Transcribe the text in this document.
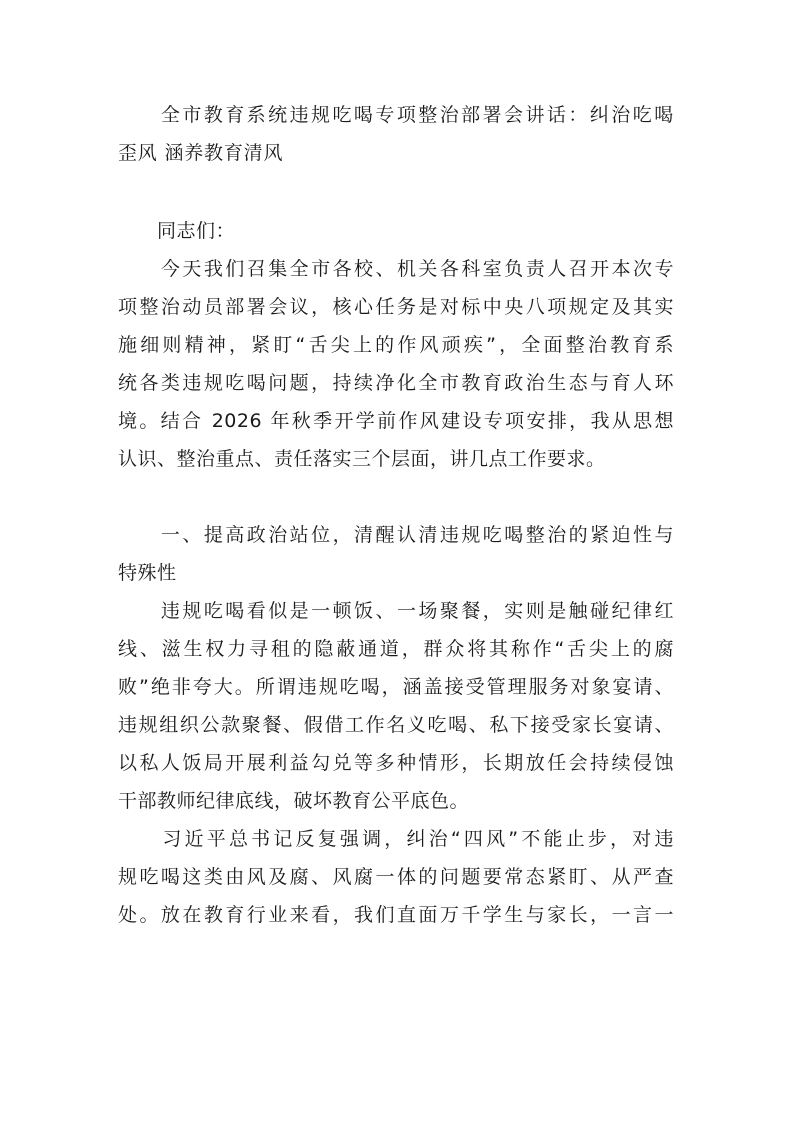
　　全市教育系统违规吃喝专项整治部署会讲话：纠治吃喝
歪风 涵养教育清风
　　同志们：
　　今天我们召集全市各校、机关各科室负责人召开本次专
项整治动员部署会议，核心任务是对标中央八项规定及其实
施细则精神，紧盯“舌尖上的作风顽疾”，全面整治教育系
统各类违规吃喝问题，持续净化全市教育政治生态与育人环
境。结合 2026 年秋季开学前作风建设专项安排，我从思想
认识、整治重点、责任落实三个层面，讲几点工作要求。
　　一、提高政治站位，清醒认清违规吃喝整治的紧迫性与
特殊性
　　违规吃喝看似是一顿饭、一场聚餐，实则是触碰纪律红
线、滋生权力寻租的隐蔽通道，群众将其称作“舌尖上的腐
败”绝非夸大。所谓违规吃喝，涵盖接受管理服务对象宴请、
违规组织公款聚餐、假借工作名义吃喝、私下接受家长宴请、
以私人饭局开展利益勾兑等多种情形，长期放任会持续侵蚀
干部教师纪律底线，破坏教育公平底色。
　　习近平总书记反复强调，纠治“四风”不能止步，对违
规吃喝这类由风及腐、风腐一体的问题要常态紧盯、从严查
处。放在教育行业来看，我们直面万千学生与家长，一言一
